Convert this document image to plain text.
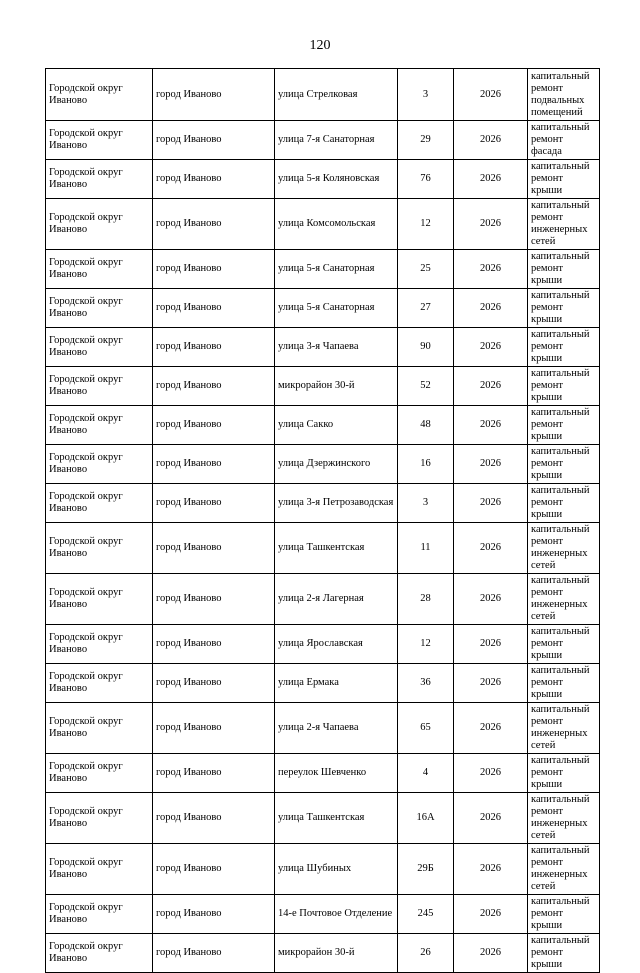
120
Городской округ Иваново	город Иваново	улица Стрелковая	3	2026	капитальный ремонт подвальных помещений
Городской округ Иваново	город Иваново	улица 7-я Санаторная	29	2026	капитальный ремонт фасада
Городской округ Иваново	город Иваново	улица 5-я Коляновская	76	2026	капитальный ремонт крыши
Городской округ Иваново	город Иваново	улица Комсомольская	12	2026	капитальный ремонт инженерных сетей
Городской округ Иваново	город Иваново	улица 5-я Санаторная	25	2026	капитальный ремонт крыши
Городской округ Иваново	город Иваново	улица 5-я Санаторная	27	2026	капитальный ремонт крыши
Городской округ Иваново	город Иваново	улица 3-я Чапаева	90	2026	капитальный ремонт крыши
Городской округ Иваново	город Иваново	микрорайон 30-й	52	2026	капитальный ремонт крыши
Городской округ Иваново	город Иваново	улица Сакко	48	2026	капитальный ремонт крыши
Городской округ Иваново	город Иваново	улица Дзержинского	16	2026	капитальный ремонт крыши
Городской округ Иваново	город Иваново	улица 3-я Петрозаводская	3	2026	капитальный ремонт крыши
Городской округ Иваново	город Иваново	улица Ташкентская	11	2026	капитальный ремонт инженерных сетей
Городской округ Иваново	город Иваново	улица 2-я Лагерная	28	2026	капитальный ремонт инженерных сетей
Городской округ Иваново	город Иваново	улица Ярославская	12	2026	капитальный ремонт крыши
Городской округ Иваново	город Иваново	улица Ермака	36	2026	капитальный ремонт крыши
Городской округ Иваново	город Иваново	улица 2-я Чапаева	65	2026	капитальный ремонт инженерных сетей
Городской округ Иваново	город Иваново	переулок Шевченко	4	2026	капитальный ремонт крыши
Городской округ Иваново	город Иваново	улица Ташкентская	16А	2026	капитальный ремонт инженерных сетей
Городской округ Иваново	город Иваново	улица Шубиных	29Б	2026	капитальный ремонт инженерных сетей
Городской округ Иваново	город Иваново	14-е Почтовое Отделение	245	2026	капитальный ремонт крыши
Городской округ Иваново	город Иваново	микрорайон 30-й	26	2026	капитальный ремонт крыши
